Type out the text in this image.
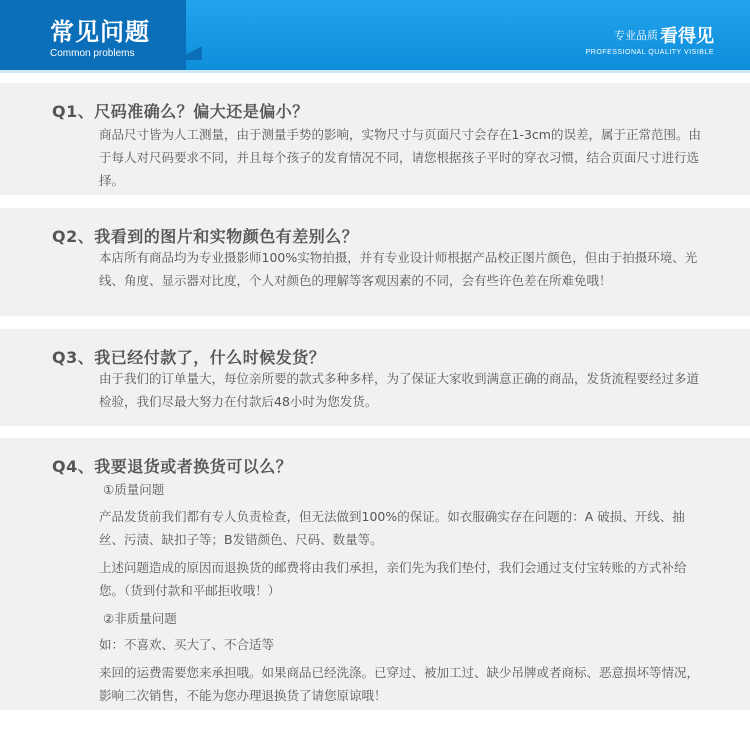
常见问题
Common problems
专业品质 看得见
PROFESSIONAL QUALITY VISIBLE
Q1、尺码准确么？偏大还是偏小？
商品尺寸皆为人工测量，由于测量手势的影响，实物尺寸与页面尺寸会存在1-3cm的误差，属于正常范围。由于每人对尺码要求不同，并且每个孩子的发育情况不同，请您根据孩子平时的穿衣习惯，结合页面尺寸进行选择。
Q2、我看到的图片和实物颜色有差别么？
本店所有商品均为专业摄影师100%实物拍摄，并有专业设计师根据产品校正图片颜色，但由于拍摄环境、光线、角度、显示器对比度，个人对颜色的理解等客观因素的不同，会有些许色差在所难免哦！
Q3、我已经付款了，什么时候发货？
由于我们的订单量大，每位亲所要的款式多种多样，为了保证大家收到满意正确的商品，发货流程要经过多道检验，我们尽最大努力在付款后48小时为您发货。
Q4、我要退货或者换货可以么？
①质量问题
产品发货前我们都有专人负责检查，但无法做到100%的保证。如衣服确实存在问题的：A 破损、开线、抽丝、污渍、缺扣子等；B发错颜色、尺码、数量等。
上述问题造成的原因而退换货的邮费将由我们承担，亲们先为我们垫付，我们会通过支付宝转账的方式补给您。（货到付款和平邮拒收哦！）
②非质量问题
如：不喜欢、买大了、不合适等
来回的运费需要您来承担哦。如果商品已经洗涤。已穿过、被加工过、缺少吊牌或者商标、恶意损坏等情况，影响二次销售，不能为您办理退换货了请您原谅哦！
